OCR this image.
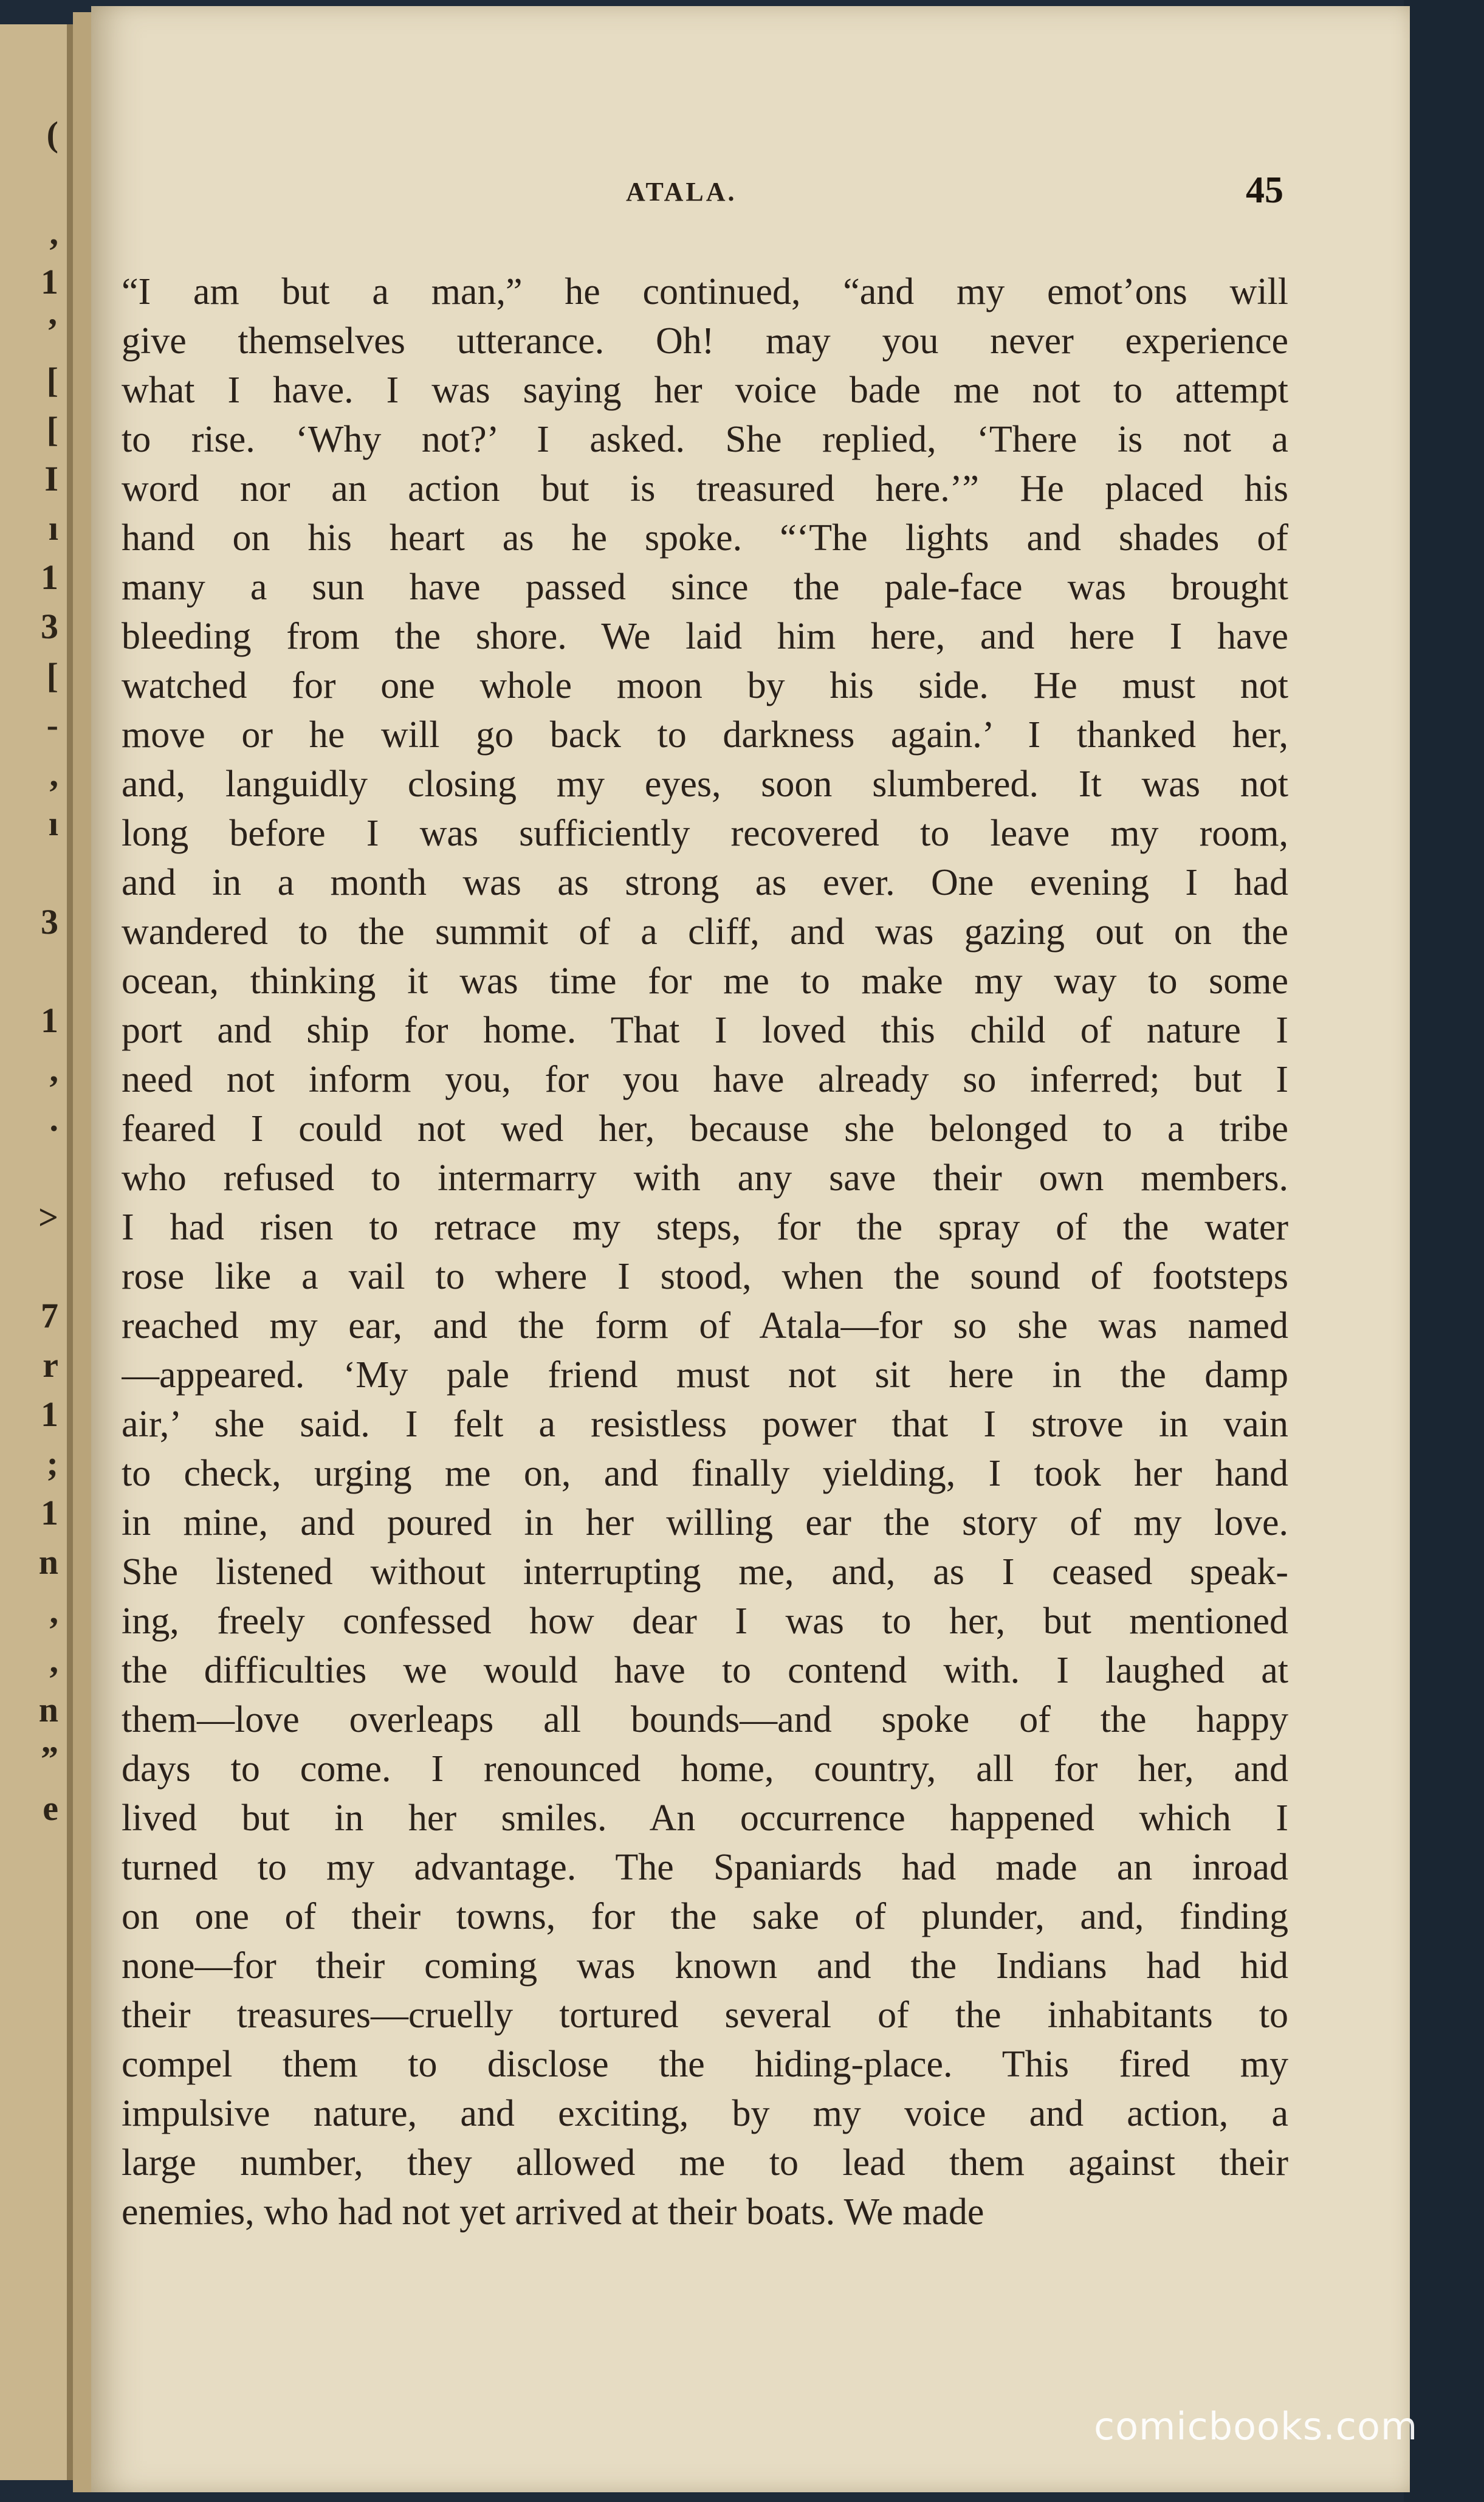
(

,
1
’
[
[
I
ı
1
3
[
-
,
ı

3

1
,
.

>

7
r
1
;
1
n
,
,
n
”
e
ATALA.	45
“I am but a man,” he continued, “and my emot’ons will
give themselves utterance. Oh! may you never experience
what I have. I was saying her voice bade me not to attempt
to rise. ‘Why not?’ I asked. She replied, ‘There is not a
word nor an action but is treasured here.’” He placed his
hand on his heart as he spoke. “‘The lights and shades of
many a sun have passed since the pale-face was brought
bleeding from the shore. We laid him here, and here I have
watched for one whole moon by his side. He must not
move or he will go back to darkness again.’ I thanked her,
and, languidly closing my eyes, soon slumbered. It was not
long before I was sufficiently recovered to leave my room,
and in a month was as strong as ever. One evening I had
wandered to the summit of a cliff, and was gazing out on the
ocean, thinking it was time for me to make my way to some
port and ship for home. That I loved this child of nature I
need not inform you, for you have already so inferred; but I
feared I could not wed her, because she belonged to a tribe
who refused to intermarry with any save their own members.
I had risen to retrace my steps, for the spray of the water
rose like a vail to where I stood, when the sound of footsteps
reached my ear, and the form of Atala—for so she was named
—appeared. ‘My pale friend must not sit here in the damp
air,’ she said. I felt a resistless power that I strove in vain
to check, urging me on, and finally yielding, I took her hand
in mine, and poured in her willing ear the story of my love.
She listened without interrupting me, and, as I ceased speak-
ing, freely confessed how dear I was to her, but mentioned
the difficulties we would have to contend with. I laughed at
them—love overleaps all bounds—and spoke of the happy
days to come. I renounced home, country, all for her, and
lived but in her smiles. An occurrence happened which I
turned to my advantage. The Spaniards had made an inroad
on one of their towns, for the sake of plunder, and, finding
none—for their coming was known and the Indians had hid
their treasures—cruelly tortured several of the inhabitants to
compel them to disclose the hiding-place. This fired my
impulsive nature, and exciting, by my voice and action, a
large number, they allowed me to lead them against their
enemies, who had not yet arrived at their boats. We made
comicbooks.com
